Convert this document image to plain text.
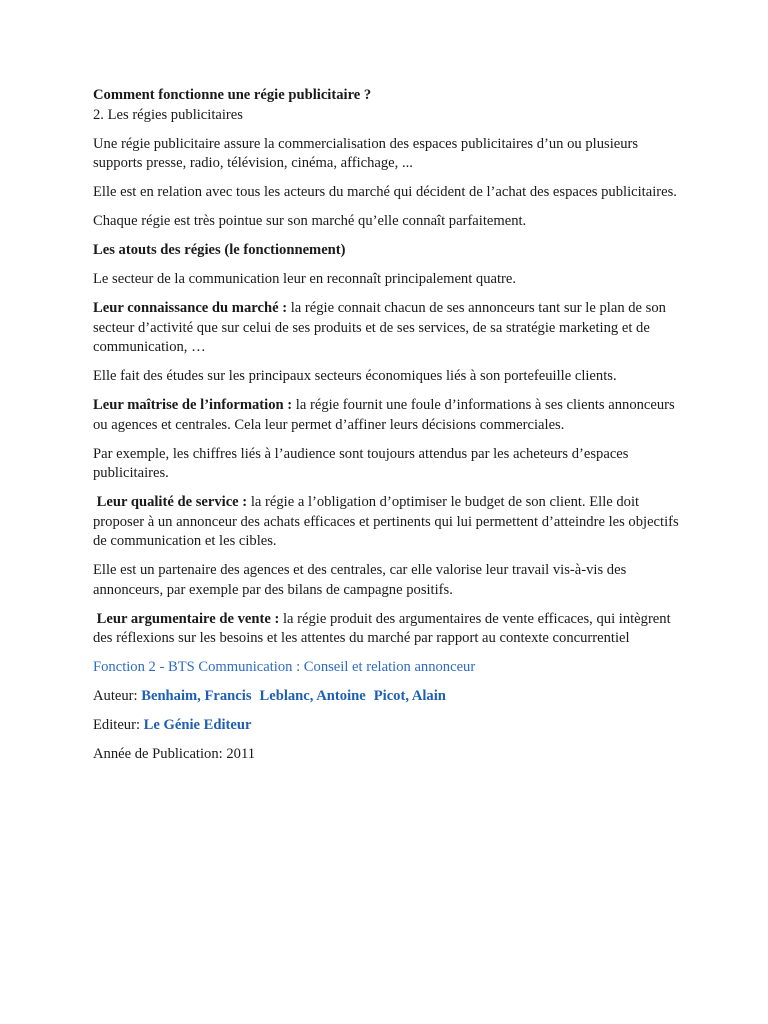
Comment fonctionne une régie publicitaire ?

2. Les régies publicitaires

Une régie publicitaire assure la commercialisation des espaces publicitaires d’un ou plusieurs supports presse, radio, télévision, cinéma, affichage, ...

Elle est en relation avec tous les acteurs du marché qui décident de l’achat des espaces publicitaires.

Chaque régie est très pointue sur son marché qu’elle connaît parfaitement.

Les atouts des régies (le fonctionnement)

Le secteur de la communication leur en reconnaît principalement quatre.

Leur connaissance du marché : la régie connait chacun de ses annonceurs tant sur le plan de son secteur d’activité que sur celui de ses produits et de ses services, de sa stratégie marketing et de communication, …

Elle fait des études sur les principaux secteurs économiques liés à son portefeuille clients.

Leur maîtrise de l’information : la régie fournit une foule d’informations à ses clients annonceurs ou agences et centrales. Cela leur permet d’affiner leurs décisions commerciales.

Par exemple, les chiffres liés à l’audience sont toujours attendus par les acheteurs d’espaces publicitaires.

Leur qualité de service : la régie a l’obligation d’optimiser le budget de son client. Elle doit proposer à un annonceur des achats efficaces et pertinents qui lui permettent d’atteindre les objectifs de communication et les cibles.

Elle est un partenaire des agences et des centrales, car elle valorise leur travail vis-à-vis des annonceurs, par exemple par des bilans de campagne positifs.

Leur argumentaire de vente : la régie produit des argumentaires de vente efficaces, qui intègrent des réflexions sur les besoins et les attentes du marché par rapport au contexte concurrentiel

Fonction 2 - BTS Communication : Conseil et relation annonceur

Auteur: Benhaim, Francis Leblanc, Antoine Picot, Alain

Editeur: Le Génie Editeur

Année de Publication: 2011
